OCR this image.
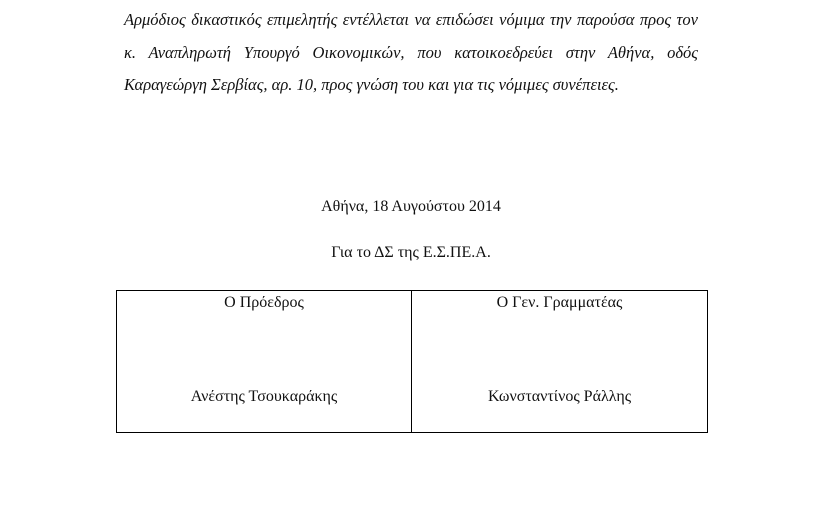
Αρμόδιος δικαστικός επιμελητής εντέλλεται να επιδώσει νόμιμα την παρούσα προς τον κ. Αναπληρωτή Υπουργό Οικονομικών, που κατοικοεδρεύει στην Αθήνα, οδός Καραγεώργη Σερβίας, αρ. 10, προς γνώση του και για τις νόμιμες συνέπειες.

Αθήνα, 18 Αυγούστου 2014

Για το ΔΣ της Ε.Σ.ΠΕ.Α.

Ο Πρόεδρος
Ανέστης Τσουκαράκης

Ο Γεν. Γραμματέας
Κωνσταντίνος Ράλλης
